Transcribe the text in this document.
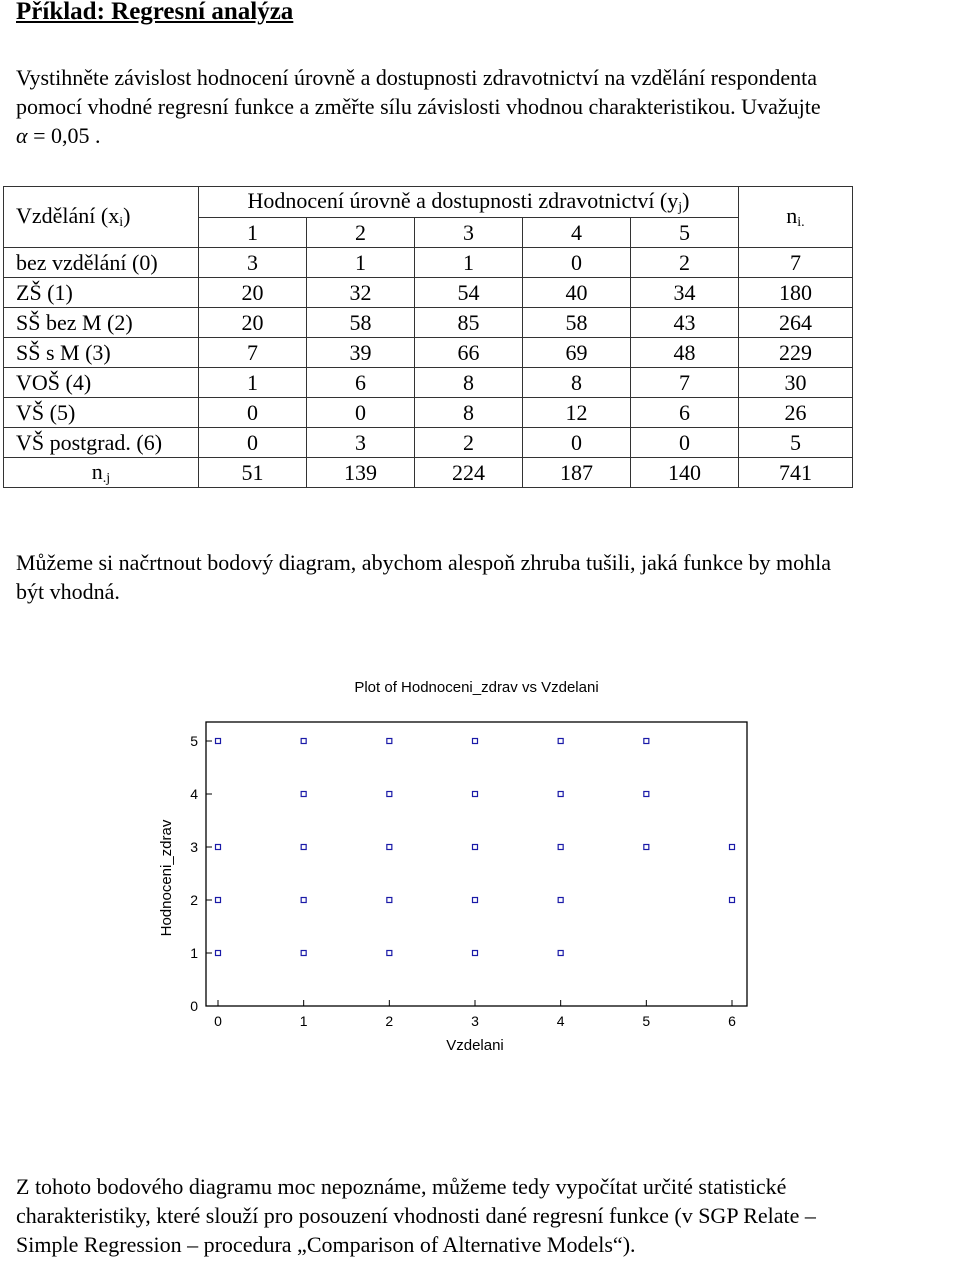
Příklad: Regresní analýza
Vystihněte závislost hodnocení úrovně a dostupnosti zdravotnictví na vzdělání respondenta
pomocí vhodné regresní funkce a změřte sílu závislosti vhodnou charakteristikou. Uvažujte
α = 0,05 .
Vzdělání $(x_i)$	Hodnocení úrovně a dostupnosti zdravotnictví $(y_j)$					$n_{i.}$
	1	2	3	4	5	
bez vzdělání (0)	3	1	1	0	2	7
ZŠ (1)	20	32	54	40	34	180
SŠ bez M (2)	20	58	85	58	43	264
SŠ s M (3)	7	39	66	69	48	229
VOŠ (4)	1	6	8	8	7	30
VŠ (5)	0	0	8	12	6	26
VŠ postgrad. (6)	0	3	2	0	0	5
$n_{.j}$	51	139	224	187	140	741
Můžeme si načrtnout bodový diagram, abychom alespoň zhruba tušili, jaká funkce by mohla
být vhodná.
Plot of Hodnoceni_zdrav vs Vzdelani
0	1	2	3	4	5	6
0
1
2
3
4
5
Vzdelani
Hodnoceni_zdrav
Z tohoto bodového diagramu moc nepoznáme, můžeme tedy vypočítat určité statistické
charakteristiky, které slouží pro posouzení vhodnosti dané regresní funkce (v SGP Relate –
Simple Regression – procedura „Comparison of Alternative Models“).
